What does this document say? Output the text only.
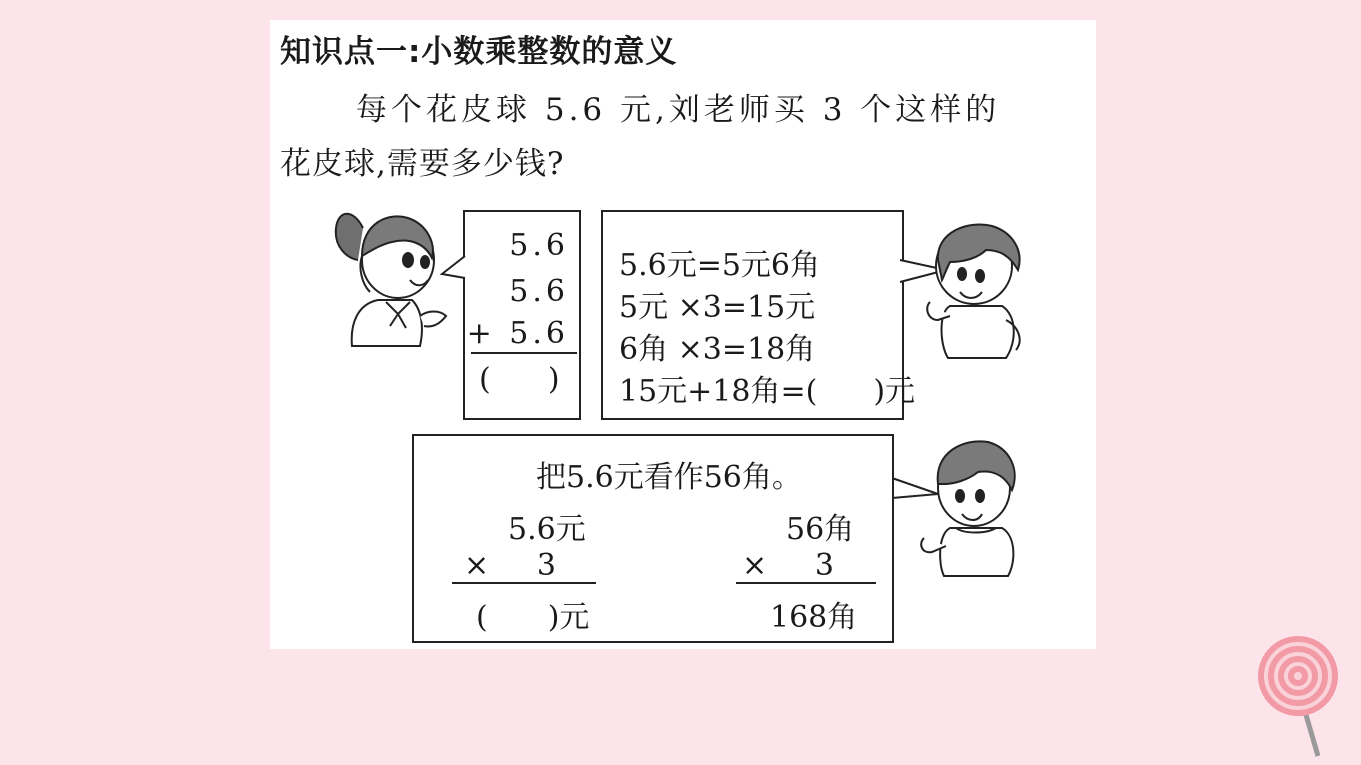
知识点一:小数乘整数的意义
每个花皮球 5.6 元,刘老师买 3 个这样的
花皮球,需要多少钱?
5.6
5.6
+ 5.6
(      )
5.6元=5元6角
5元 ×3=15元
6角 ×3=18角
15元+18角=( )元
把5.6元看作56角。
5.6元
×     3
( )元
56角
×     3
168角
